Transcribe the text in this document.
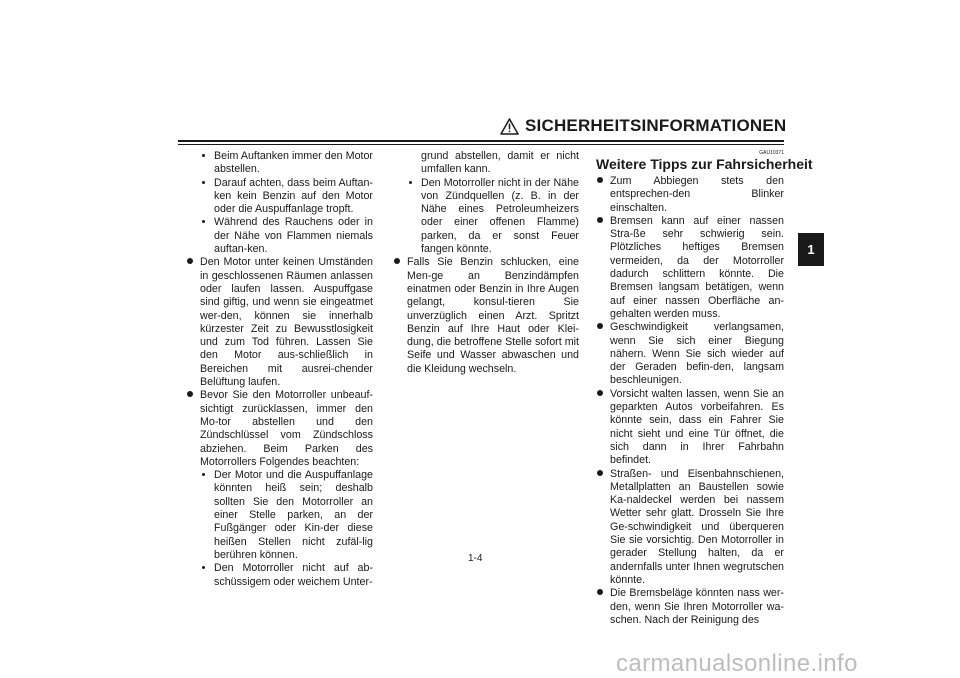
SICHERHEITSINFORMATIONEN
1

Beim Auftanken immer den Motor abstellen.

Darauf achten, dass beim Auftan-ken kein Benzin auf den Motor oder die Auspuffanlage tropft.

Während des Rauchens oder in der Nähe von Flammen niemals auftan-ken.

Den Motor unter keinen Umständen in geschlossenen Räumen anlassen oder laufen lassen. Auspuffgase sind giftig, und wenn sie eingeatmet wer-den, können sie innerhalb kürzester Zeit zu Bewusstlosigkeit und zum Tod führen. Lassen Sie den Motor aus-schließlich in Bereichen mit ausrei-chender Belüftung laufen.

Bevor Sie den Motorroller unbeauf-sichtigt zurücklassen, immer den Mo-tor abstellen und den Zündschlüssel vom Zündschloss abziehen. Beim Parken des Motorrollers Folgendes beachten:

Der Motor und die Auspuffanlage könnten heiß sein; deshalb sollten Sie den Motorroller an einer Stelle parken, an der Fußgänger oder Kin-der diese heißen Stellen nicht zufäl-lig berühren können.

Den Motorroller nicht auf ab-schüssigem oder weichem Unter-

grund abstellen, damit er nicht umfallen kann.

Den Motorroller nicht in der Nähe von Zündquellen (z. B. in der Nähe eines Petroleumheizers oder einer offenen Flamme) parken, da er sonst Feuer fangen könnte.

Falls Sie Benzin schlucken, eine Men-ge an Benzindämpfen einatmen oder Benzin in Ihre Augen gelangt, konsul-tieren Sie unverzüglich einen Arzt. Spritzt Benzin auf Ihre Haut oder Klei-dung, die betroffene Stelle sofort mit Seife und Wasser abwaschen und die Kleidung wechseln.

GAU10371

Weitere Tipps zur Fahrsicherheit

Zum Abbiegen stets den entsprechen-den Blinker einschalten.

Bremsen kann auf einer nassen Stra-ße sehr schwierig sein. Plötzliches heftiges Bremsen vermeiden, da der Motorroller dadurch schlittern könnte. Die Bremsen langsam betätigen, wenn auf einer nassen Oberfläche an-gehalten werden muss.

Geschwindigkeit verlangsamen, wenn Sie sich einer Biegung nähern. Wenn Sie sich wieder auf der Geraden befin-den, langsam beschleunigen.

Vorsicht walten lassen, wenn Sie an geparkten Autos vorbeifahren. Es könnte sein, dass ein Fahrer Sie nicht sieht und eine Tür öffnet, die sich dann in Ihrer Fahrbahn befindet.

Straßen- und Eisenbahnschienen, Metallplatten an Baustellen sowie Ka-naldeckel werden bei nassem Wetter sehr glatt. Drosseln Sie Ihre Ge-schwindigkeit und überqueren Sie sie vorsichtig. Den Motorroller in gerader Stellung halten, da er andernfalls unter Ihnen wegrutschen könnte.

Die Bremsbeläge könnten nass wer-den, wenn Sie Ihren Motorroller wa-schen. Nach der Reinigung des

1-4
carmanualsonline.info
